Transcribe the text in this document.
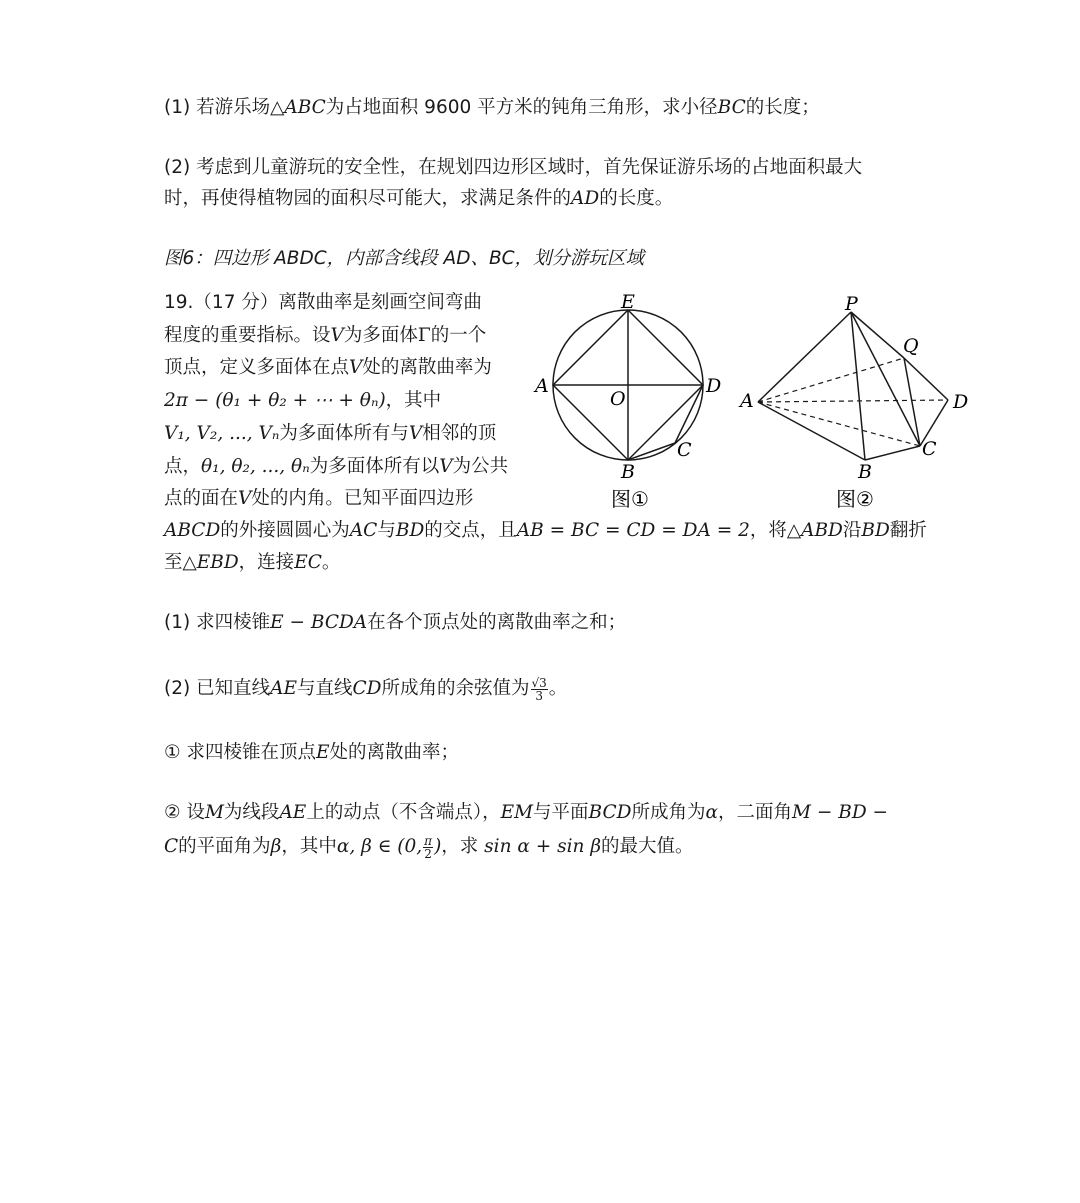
(1) 若游乐场△ABC为占地面积 9600 平方米的钝角三角形，求小径BC的长度；
(2) 考虑到儿童游玩的安全性，在规划四边形区域时，首先保证游乐场的占地面积最大
时，再使得植物园的面积尽可能大，求满足条件的AD的长度。
图6：四边形 ABDC，内部含线段 AD、BC，划分游玩区域
19.（17 分）离散曲率是刻画空间弯曲
程度的重要指标。设V为多面体Γ的一个
顶点，定义多面体在点V处的离散曲率为
2π − (θ₁ + θ₂ + ⋯ + θₙ)，其中
V₁, V₂, ..., Vₙ为多面体所有与V相邻的顶
点，θ₁, θ₂, ..., θₙ为多面体所有以V为公共
点的面在V处的内角。已知平面四边形
ABCD的外接圆圆心为AC与BD的交点，且AB = BC = CD = DA = 2，将△ABD沿BD翻折
至△EBD，连接EC。
E
A
O
D
C
B
图①
P
Q
A	D
C
B
图②
(1) 求四棱锥E − BCDA在各个顶点处的离散曲率之和；
(2) 已知直线AE与直线CD所成角的余弦值为 $\frac{√3}{3}$ 。
① 求四棱锥在顶点E处的离散曲率；
② 设M为线段AE上的动点（不含端点），EM与平面BCD所成角为α，二面角M − BD −
C的平面角为β，其中α, β ∈ (0, $\frac{\pi}{2}$ )，求 sin α + sin β的最大值。
